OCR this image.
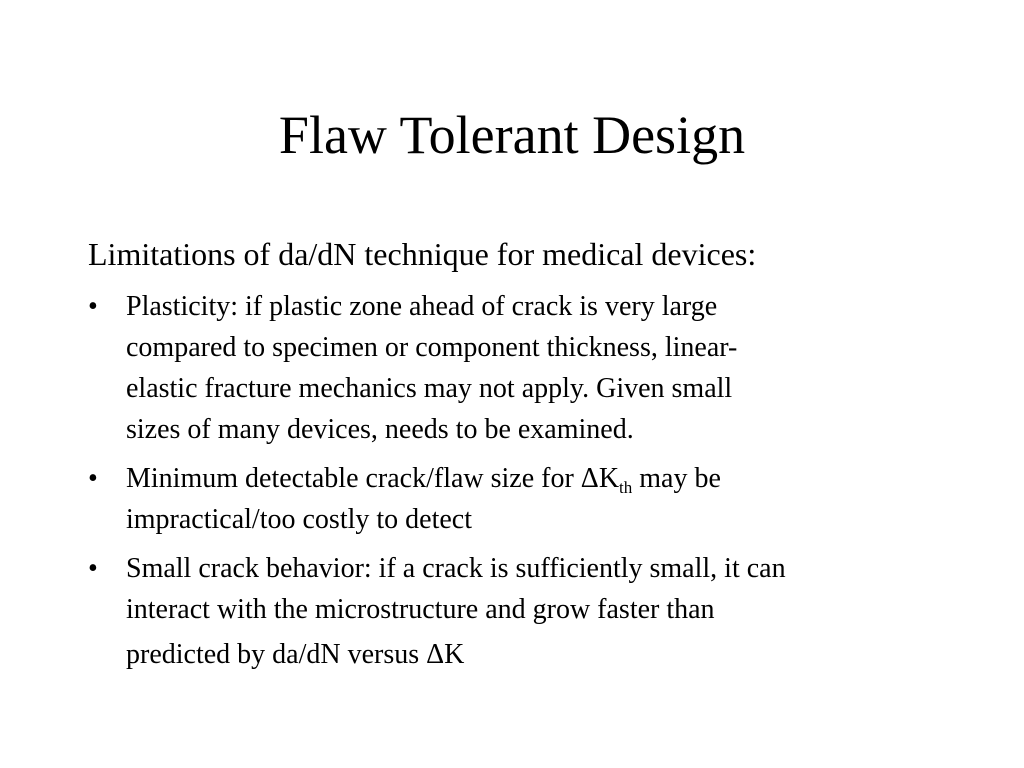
Flaw Tolerant Design

Limitations of da/dN technique for medical devices:

• Plasticity: if plastic zone ahead of crack is very large
compared to specimen or component thickness, linear-
elastic fracture mechanics may not apply. Given small
sizes of many devices, needs to be examined.
• Minimum detectable crack/flaw size for $\Delta K_{th}$ may be
impractical/too costly to detect
• Small crack behavior: if a crack is sufficiently small, it can
interact with the microstructure and grow faster than
predicted by da/dN versus ΔK
